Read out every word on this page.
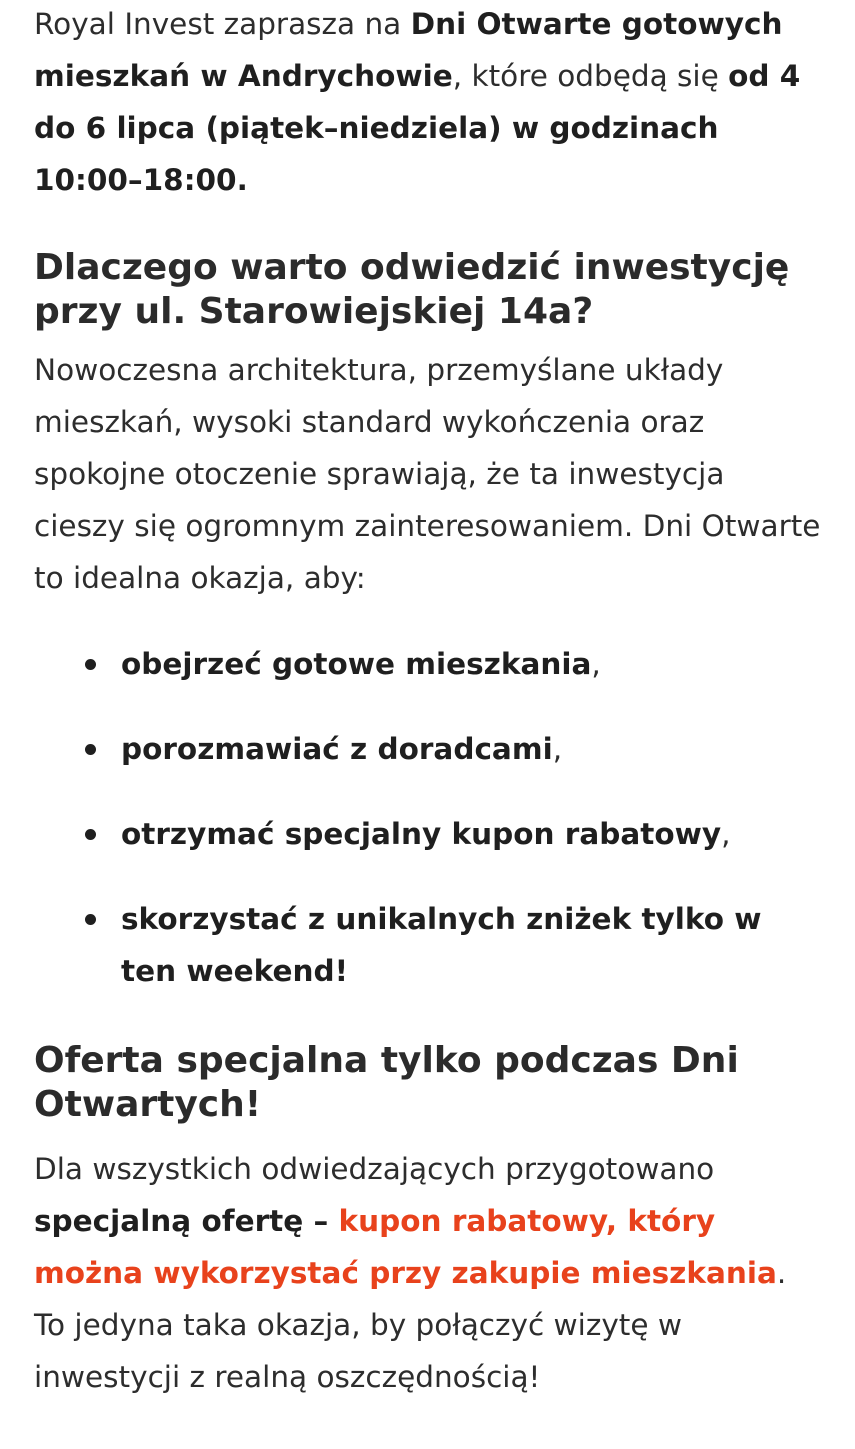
Royal Invest zaprasza na Dni Otwarte gotowych mieszkań w Andrychowie, które odbędą się od 4 do 6 lipca (piątek–niedziela) w godzinach 10:00–18:00.

Dlaczego warto odwiedzić inwestycję przy ul. Starowiejskiej 14a?

Nowoczesna architektura, przemyślane układy mieszkań, wysoki standard wykończenia oraz spokojne otoczenie sprawiają, że ta inwestycja cieszy się ogromnym zainteresowaniem. Dni Otwarte to idealna okazja, aby:

obejrzeć gotowe mieszkania,
porozmawiać z doradcami,
otrzymać specjalny kupon rabatowy,
skorzystać z unikalnych zniżek tylko w ten weekend!
Oferta specjalna tylko podczas Dni Otwartych!

Dla wszystkich odwiedzających przygotowano specjalną ofertę – kupon rabatowy, który można wykorzystać przy zakupie mieszkania. To jedyna taka okazja, by połączyć wizytę w inwestycji z realną oszczędnością!
